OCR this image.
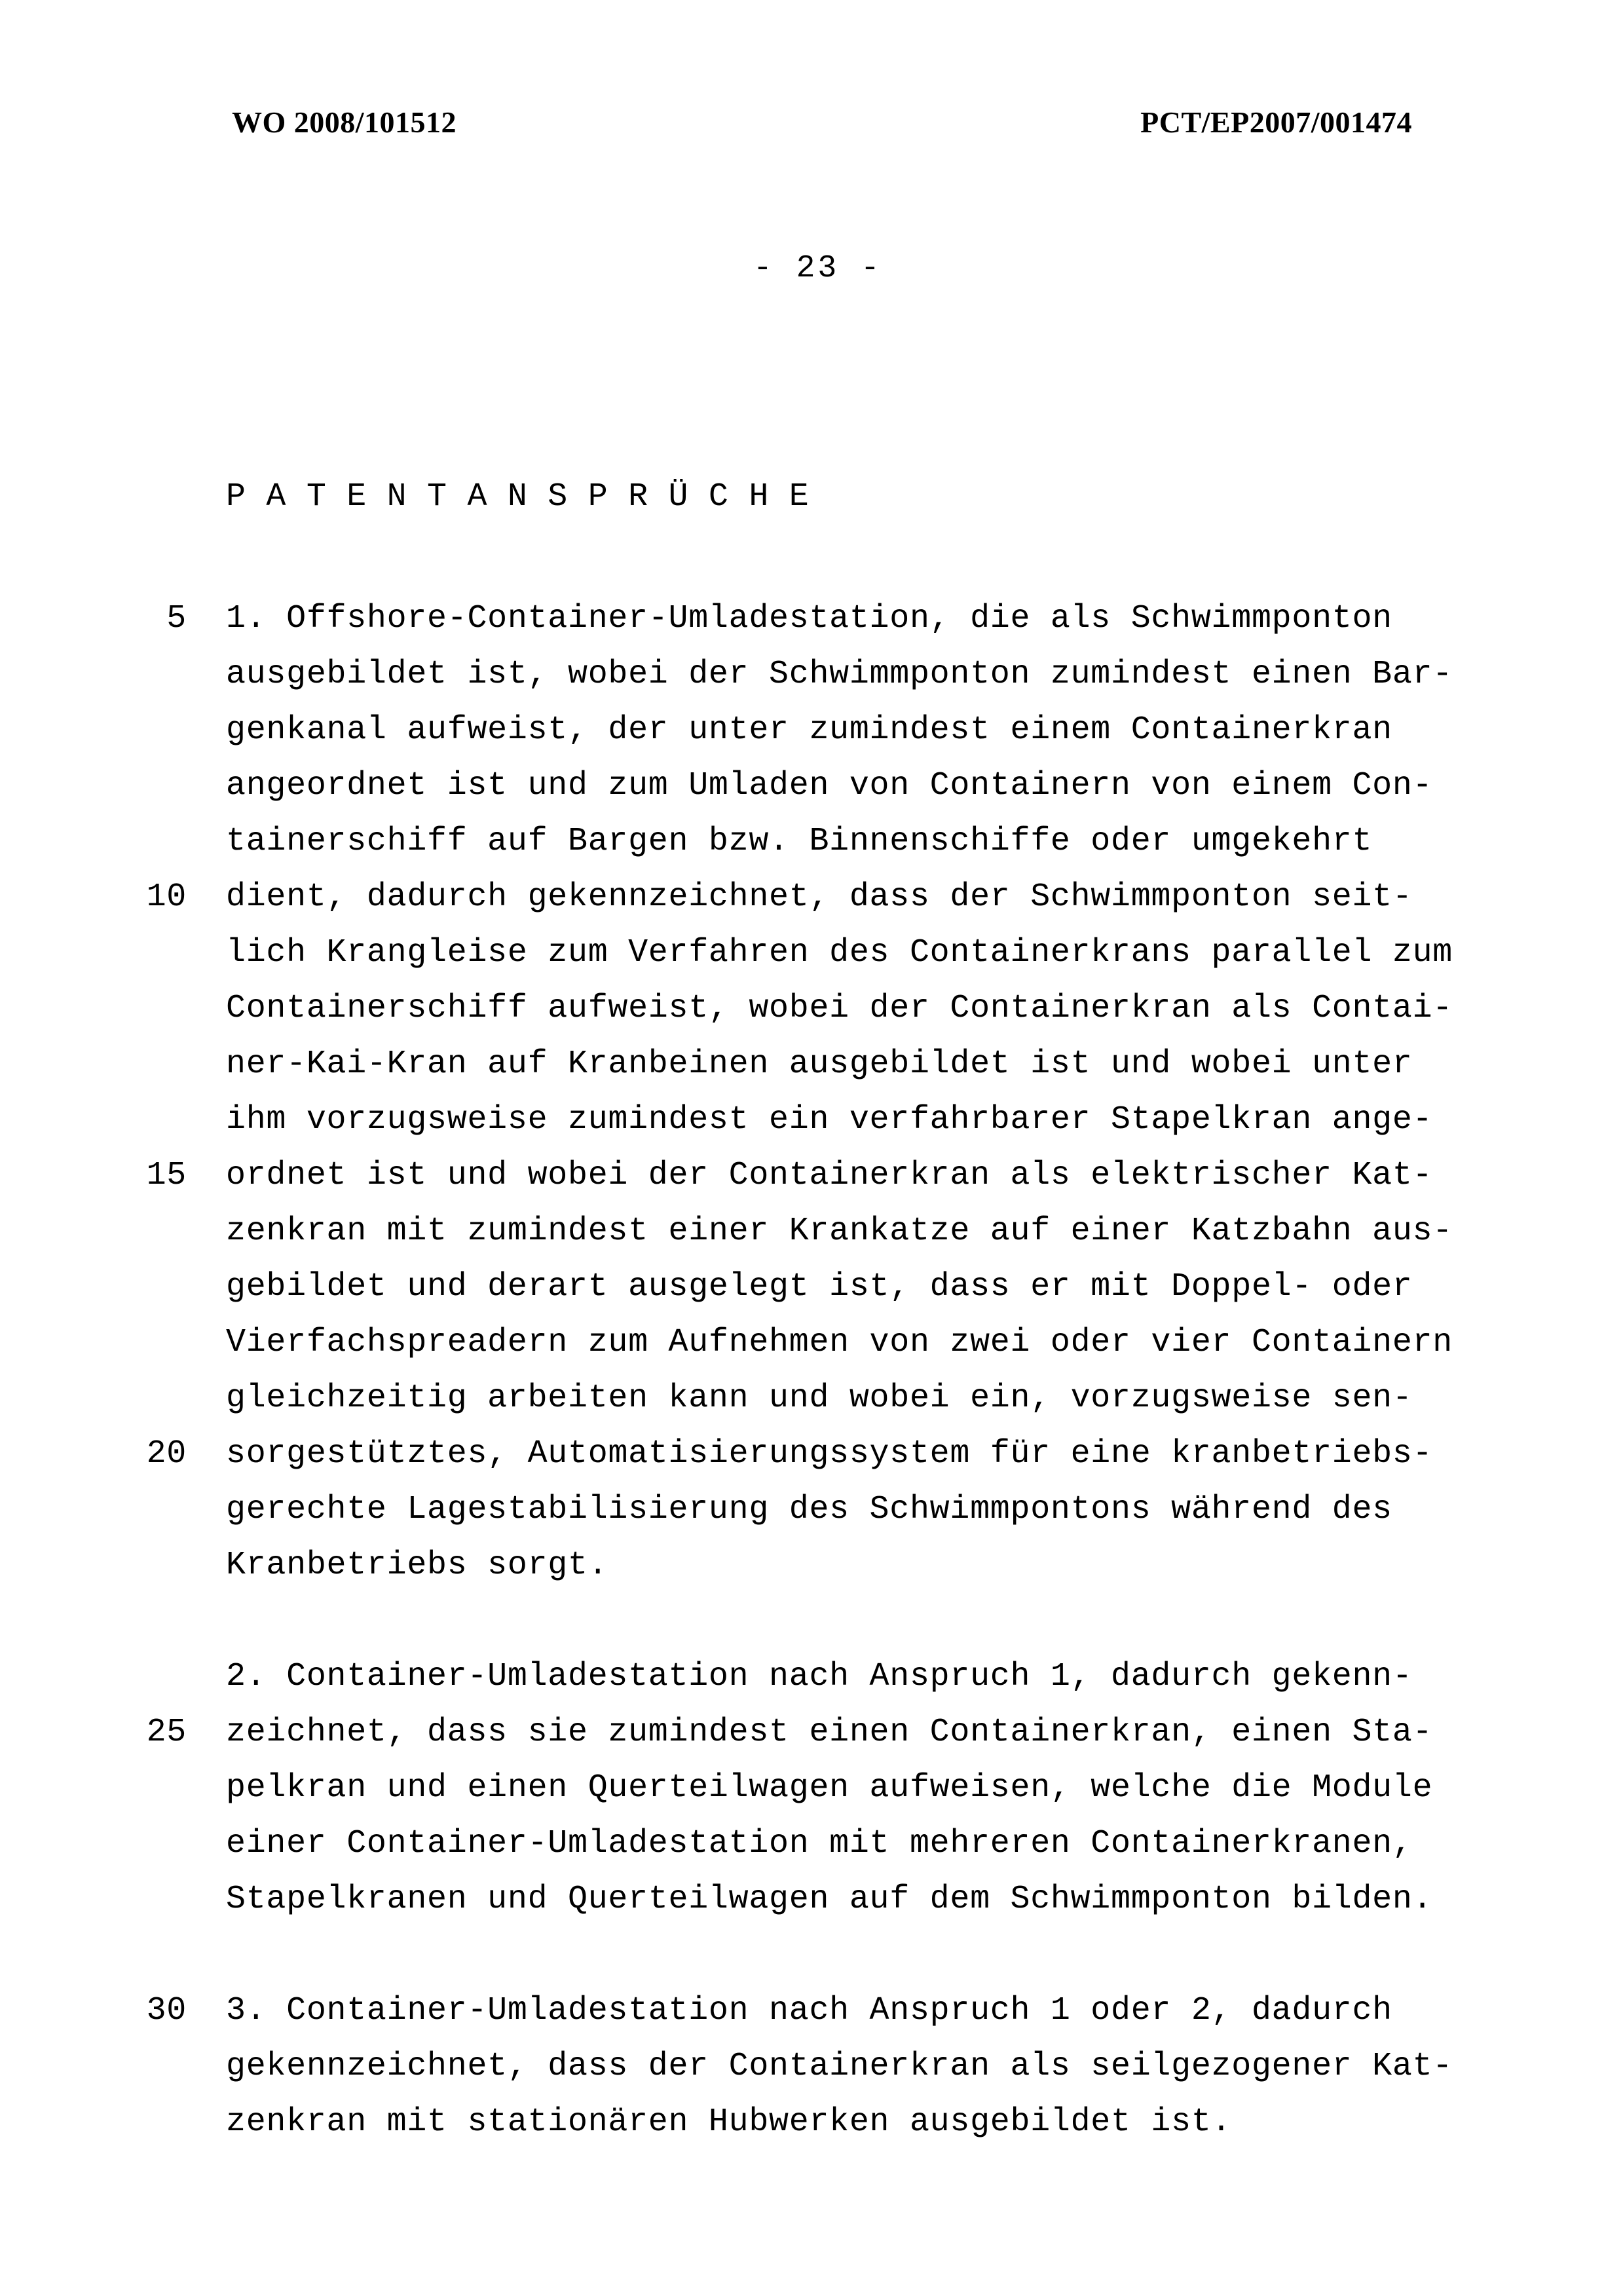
WO 2008/101512	PCT/EP2007/001474
- 23 -
P A T E N T A N S P R Ü C H E
5 1. Offshore-Container-Umladestation, die als Schwimmponton
ausgebildet ist, wobei der Schwimmponton zumindest einen Bar-
genkanal aufweist, der unter zumindest einem Containerkran
angeordnet ist und zum Umladen von Containern von einem Con-
tainerschiff auf Bargen bzw. Binnenschiffe oder umgekehrt
10 dient, dadurch gekennzeichnet, dass der Schwimmponton seit-
lich Krangleise zum Verfahren des Containerkrans parallel zum
Containerschiff aufweist, wobei der Containerkran als Contai-
ner-Kai-Kran auf Kranbeinen ausgebildet ist und wobei unter
ihm vorzugsweise zumindest ein verfahrbarer Stapelkran ange-
15 ordnet ist und wobei der Containerkran als elektrischer Kat-
zenkran mit zumindest einer Krankatze auf einer Katzbahn aus-
gebildet und derart ausgelegt ist, dass er mit Doppel- oder
Vierfachspreadern zum Aufnehmen von zwei oder vier Containern
gleichzeitig arbeiten kann und wobei ein, vorzugsweise sen-
20 sorgestütztes, Automatisierungssystem für eine kranbetriebs-
gerechte Lagestabilisierung des Schwimmpontons während des
Kranbetriebs sorgt.
2. Container-Umladestation nach Anspruch 1, dadurch gekenn-
25 zeichnet, dass sie zumindest einen Containerkran, einen Sta-
pelkran und einen Querteilwagen aufweisen, welche die Module
einer Container-Umladestation mit mehreren Containerkranen,
Stapelkranen und Querteilwagen auf dem Schwimmponton bilden.
30 3. Container-Umladestation nach Anspruch 1 oder 2, dadurch
gekennzeichnet, dass der Containerkran als seilgezogener Kat-
zenkran mit stationären Hubwerken ausgebildet ist.
